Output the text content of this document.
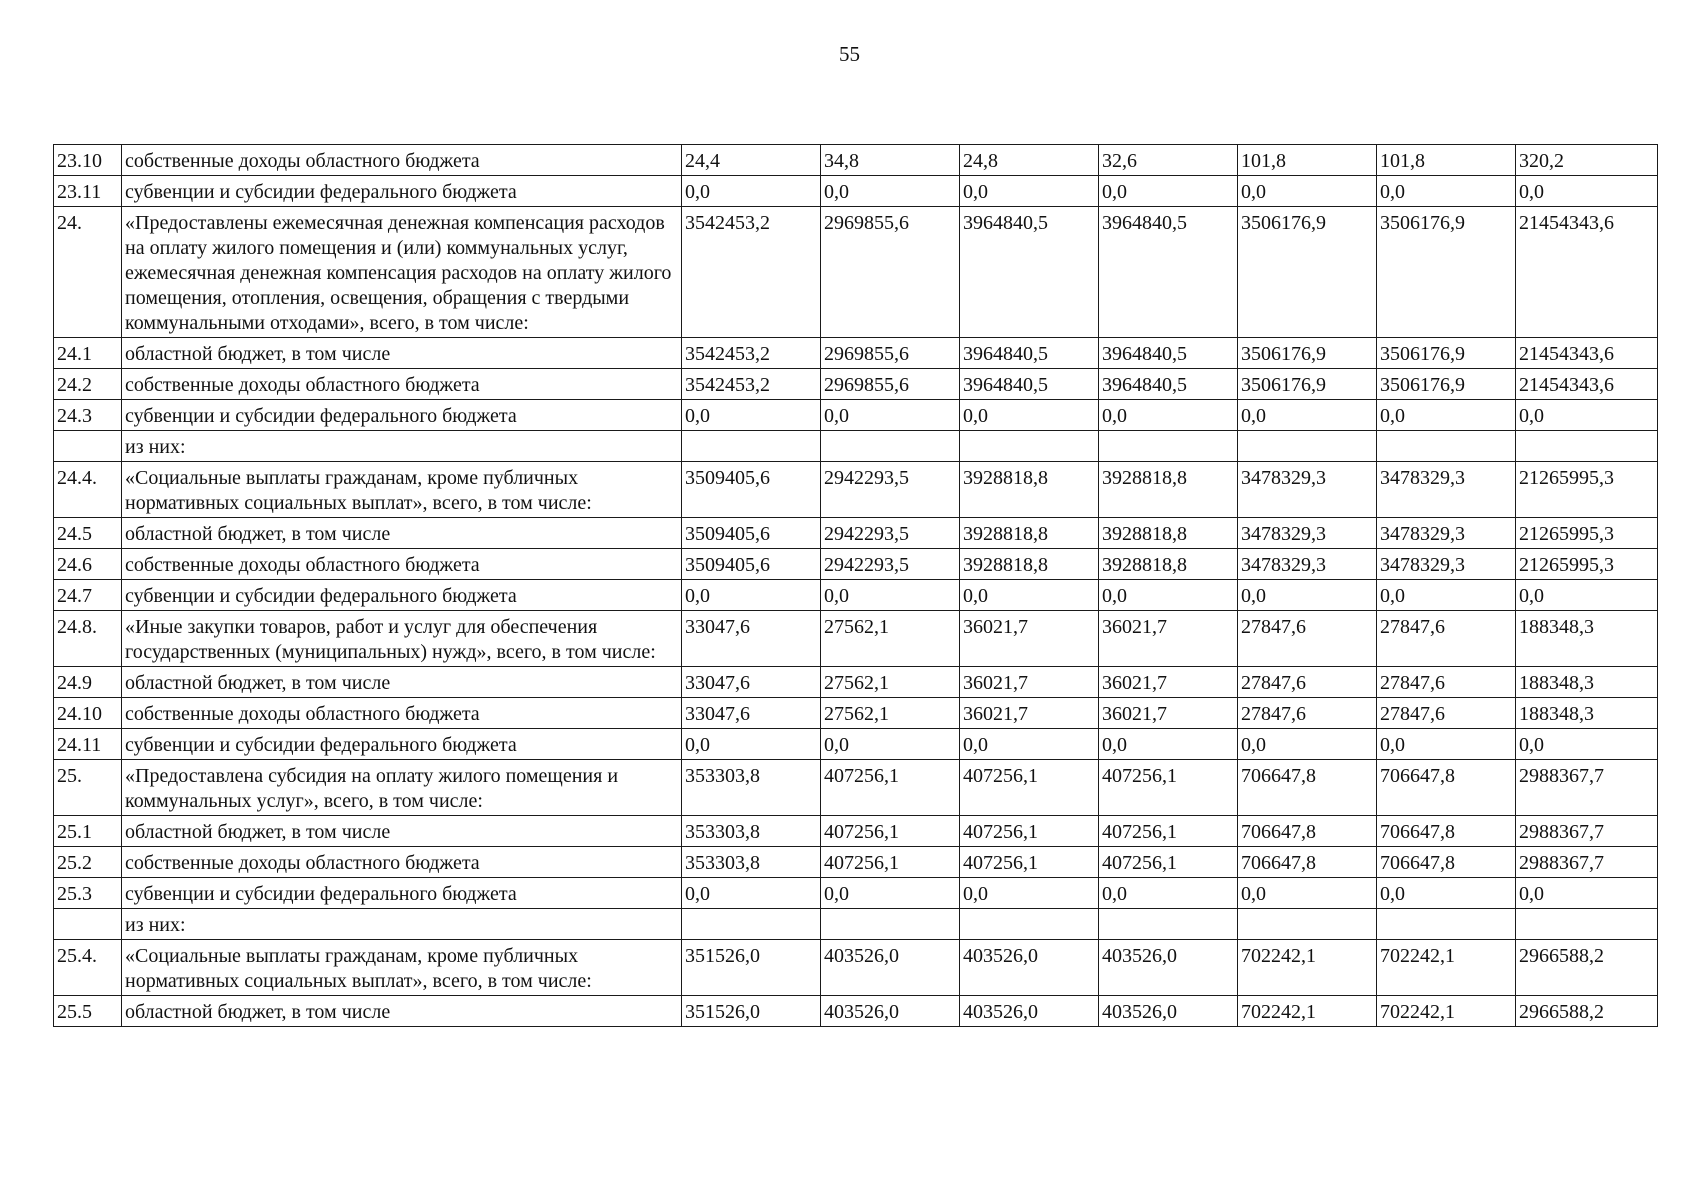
55
23.10	собственные доходы областного бюджета	24,4	34,8	24,8	32,6	101,8	101,8	320,2
23.11	субвенции и субсидии федерального бюджета	0,0	0,0	0,0	0,0	0,0	0,0	0,0
24.	«Предоставлены ежемесячная денежная компенсация расходов на оплату жилого помещения и (или) коммунальных услуг, ежемесячная денежная компенсация расходов на оплату жилого помещения, отопления, освещения, обращения с твердыми коммунальными отходами», всего, в том числе:	3542453,2	2969855,6	3964840,5	3964840,5	3506176,9	3506176,9	21454343,6
24.1	областной бюджет, в том числе	3542453,2	2969855,6	3964840,5	3964840,5	3506176,9	3506176,9	21454343,6
24.2	собственные доходы областного бюджета	3542453,2	2969855,6	3964840,5	3964840,5	3506176,9	3506176,9	21454343,6
24.3	субвенции и субсидии федерального бюджета	0,0	0,0	0,0	0,0	0,0	0,0	0,0
	из них:							
24.4.	«Социальные выплаты гражданам, кроме публичных нормативных социальных выплат», всего, в том числе:	3509405,6	2942293,5	3928818,8	3928818,8	3478329,3	3478329,3	21265995,3
24.5	областной бюджет, в том числе	3509405,6	2942293,5	3928818,8	3928818,8	3478329,3	3478329,3	21265995,3
24.6	собственные доходы областного бюджета	3509405,6	2942293,5	3928818,8	3928818,8	3478329,3	3478329,3	21265995,3
24.7	субвенции и субсидии федерального бюджета	0,0	0,0	0,0	0,0	0,0	0,0	0,0
24.8.	«Иные закупки товаров, работ и услуг для обеспечения государственных (муниципальных) нужд», всего, в том числе:	33047,6	27562,1	36021,7	36021,7	27847,6	27847,6	188348,3
24.9	областной бюджет, в том числе	33047,6	27562,1	36021,7	36021,7	27847,6	27847,6	188348,3
24.10	собственные доходы областного бюджета	33047,6	27562,1	36021,7	36021,7	27847,6	27847,6	188348,3
24.11	субвенции и субсидии федерального бюджета	0,0	0,0	0,0	0,0	0,0	0,0	0,0
25.	«Предоставлена субсидия на оплату жилого помещения и коммунальных услуг», всего, в том числе:	353303,8	407256,1	407256,1	407256,1	706647,8	706647,8	2988367,7
25.1	областной бюджет, в том числе	353303,8	407256,1	407256,1	407256,1	706647,8	706647,8	2988367,7
25.2	собственные доходы областного бюджета	353303,8	407256,1	407256,1	407256,1	706647,8	706647,8	2988367,7
25.3	субвенции и субсидии федерального бюджета	0,0	0,0	0,0	0,0	0,0	0,0	0,0
	из них:							
25.4.	«Социальные выплаты гражданам, кроме публичных нормативных социальных выплат», всего, в том числе:	351526,0	403526,0	403526,0	403526,0	702242,1	702242,1	2966588,2
25.5	областной бюджет, в том числе	351526,0	403526,0	403526,0	403526,0	702242,1	702242,1	2966588,2
